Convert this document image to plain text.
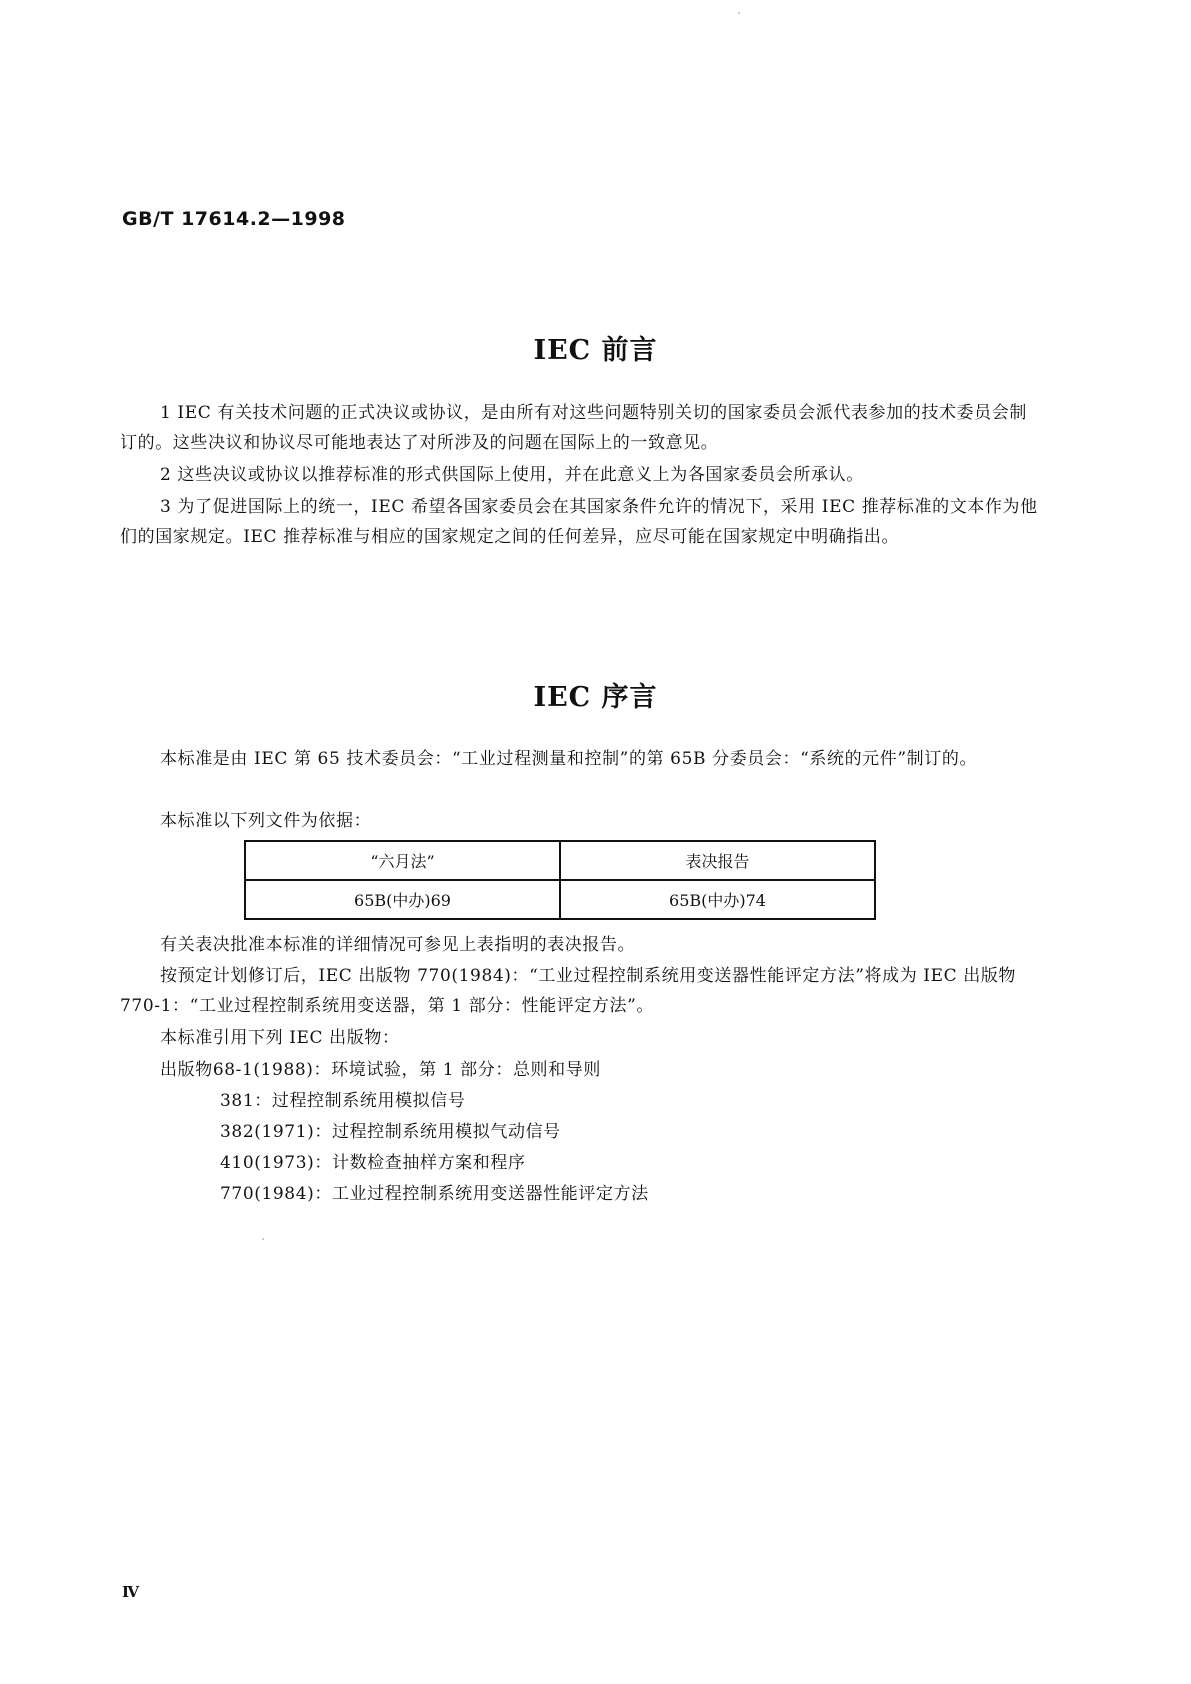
GB/T 17614.2—1998

IEC 前言

1 IEC 有关技术问题的正式决议或协议，是由所有对这些问题特别关切的国家委员会派代表参加的技术委员会制订的。这些决议和协议尽可能地表达了对所涉及的问题在国际上的一致意见。

2 这些决议或协议以推荐标准的形式供国际上使用，并在此意义上为各国家委员会所承认。

3 为了促进国际上的统一，IEC 希望各国家委员会在其国家条件允许的情况下，采用 IEC 推荐标准的文本作为他们的国家规定。IEC 推荐标准与相应的国家规定之间的任何差异，应尽可能在国家规定中明确指出。

IEC 序言

本标准是由 IEC 第 65 技术委员会：“工业过程测量和控制”的第 65B 分委员会：“系统的元件”制订的。

本标准以下列文件为依据：

“六月法”	表决报告
65B(中办)69	65B(中办)74

有关表决批准本标准的详细情况可参见上表指明的表决报告。

按预定计划修订后，IEC 出版物 770(1984)：“工业过程控制系统用变送器性能评定方法”将成为 IEC 出版物 770-1：“工业过程控制系统用变送器，第 1 部分：性能评定方法”。

本标准引用下列 IEC 出版物：

出版物68-1(1988)：环境试验，第 1 部分：总则和导则
381：过程控制系统用模拟信号
382(1971)：过程控制系统用模拟气动信号
410(1973)：计数检查抽样方案和程序
770(1984)：工业过程控制系统用变送器性能评定方法

Ⅳ
